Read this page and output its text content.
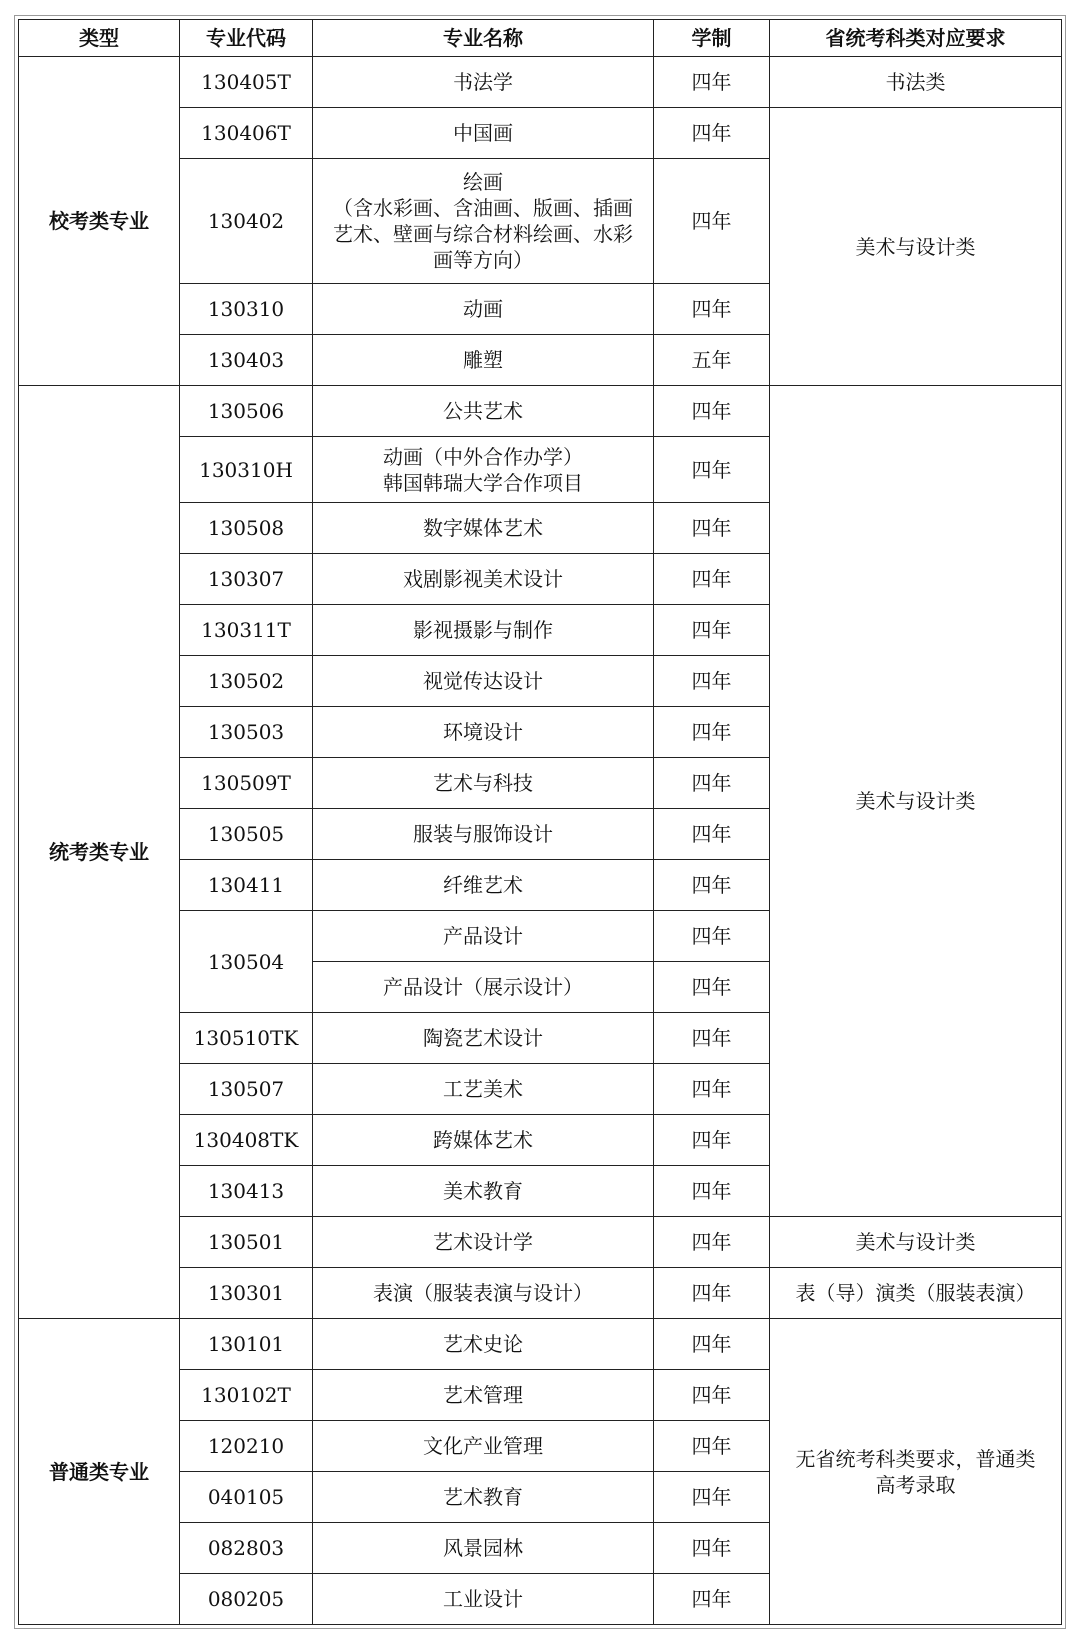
类型	专业代码	专业名称	学制	省统考科类对应要求
校考类专业	130405T	书法学	四年	书法类
	130406T	中国画	四年	美术与设计类
	130402	绘画
（含水彩画、含油画、版画、插画
艺术、壁画与综合材料绘画、水彩
画等方向）	四年	
	130310	动画	四年	
	130403	雕塑	五年	
统考类专业	130506	公共艺术	四年	美术与设计类
	130310H	动画（中外合作办学）
韩国韩瑞大学合作项目	四年	
	130508	数字媒体艺术	四年	
	130307	戏剧影视美术设计	四年	
	130311T	影视摄影与制作	四年	
	130502	视觉传达设计	四年	
	130503	环境设计	四年	
	130509T	艺术与科技	四年	
	130505	服装与服饰设计	四年	
	130411	纤维艺术	四年	
	130504	产品设计	四年	
		产品设计（展示设计）	四年	
	130510TK	陶瓷艺术设计	四年	
	130507	工艺美术	四年	
	130408TK	跨媒体艺术	四年	
	130413	美术教育	四年	
	130501	艺术设计学	四年	美术与设计类
	130301	表演（服装表演与设计）	四年	表（导）演类（服装表演）
普通类专业	130101	艺术史论	四年	无省统考科类要求，普通类
高考录取

	130102T	艺术管理	四年	
	120210	文化产业管理	四年	
	040105	艺术教育	四年	
	082803	风景园林	四年	
	080205	工业设计	四年	
